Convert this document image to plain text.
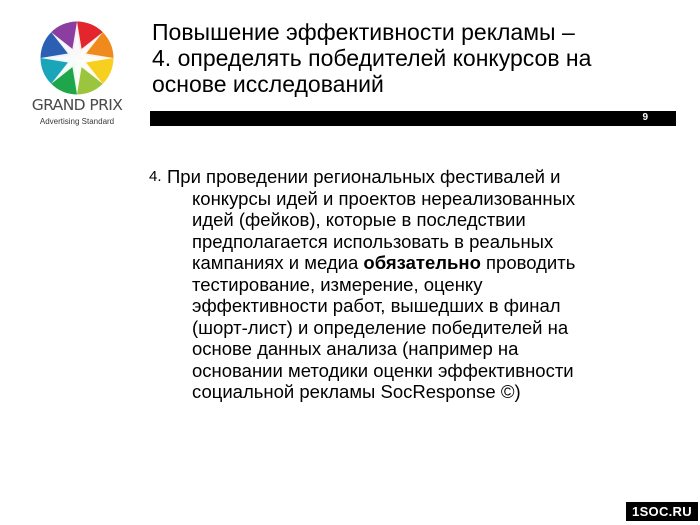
GRAND PRIX
Advertising Standard
Повышение эффективности рекламы –
4. определять победителей конкурсов на
основе исследований
9
4. При проведении региональных фестивалей и
конкурсы идей и проектов нереализованных
идей (фейков), которые в последствии
предполагается использовать в реальных
кампаниях и медиа обязательно проводить
тестирование, измерение, оценку
эффективности работ, вышедших в финал
(шорт-лист) и определение победителей на
основе данных анализа (например на
основании методики оценки эффективности
социальной рекламы SocResponse ©)
1SOC.RU
